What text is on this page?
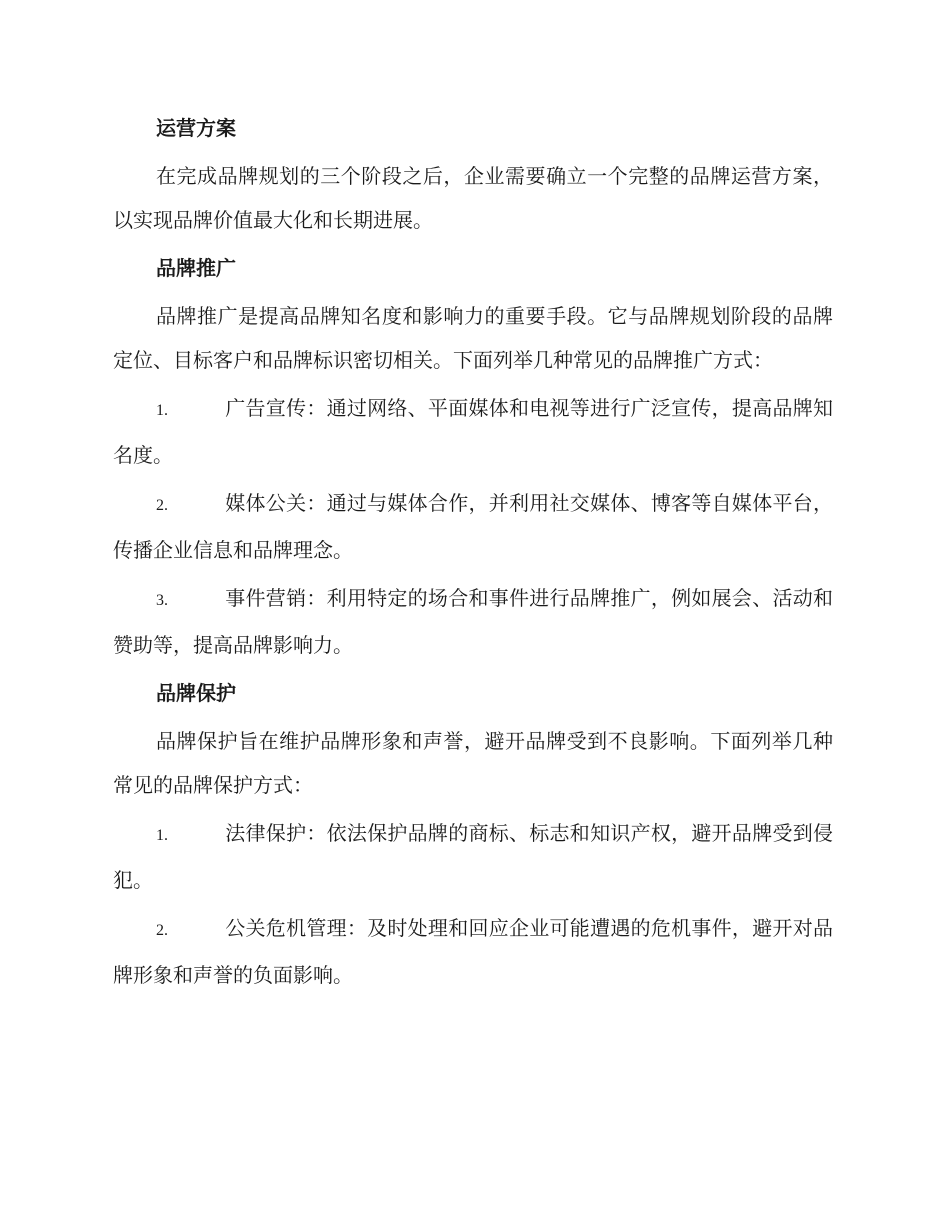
运营方案

在完成品牌规划的三个阶段之后，企业需要确立一个完整的品牌运营方案，以实现品牌价值最大化和长期进展。

品牌推广

品牌推广是提高品牌知名度和影响力的重要手段。它与品牌规划阶段的品牌定位、目标客户和品牌标识密切相关。下面列举几种常见的品牌推广方式：

1.	广告宣传：通过网络、平面媒体和电视等进行广泛宣传，提高品牌知名度。

2.	媒体公关：通过与媒体合作，并利用社交媒体、博客等自媒体平台，传播企业信息和品牌理念。

3.	事件营销：利用特定的场合和事件进行品牌推广，例如展会、活动和赞助等，提高品牌影响力。

品牌保护

品牌保护旨在维护品牌形象和声誉，避开品牌受到不良影响。下面列举几种常见的品牌保护方式：

1.	法律保护：依法保护品牌的商标、标志和知识产权，避开品牌受到侵犯。

2.	公关危机管理：及时处理和回应企业可能遭遇的危机事件，避开对品牌形象和声誉的负面影响。
